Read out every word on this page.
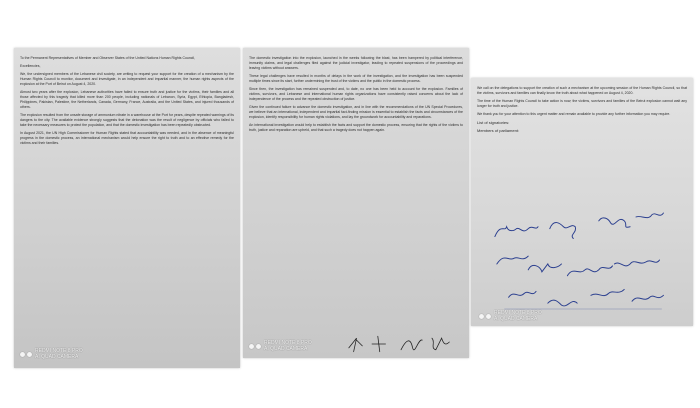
To the Permanent Representatives of Member and Observer States of the United Nations Human Rights Council,

Excellencies,

We, the undersigned members of the Lebanese civil society, are writing to request your support for the creation of a mechanism by the Human Rights Council to monitor, document and investigate, in an independent and impartial manner, the human rights aspects of the explosion at the Port of Beirut on August 4, 2020.

Almost two years after the explosion, Lebanese authorities have failed to ensure truth and justice for the victims, their families and all those affected by this tragedy that killed more than 200 people, including nationals of Lebanon, Syria, Egypt, Ethiopia, Bangladesh, Philippines, Pakistan, Palestine, the Netherlands, Canada, Germany, France, Australia, and the United States, and injured thousands of others.

The explosion resulted from the unsafe storage of ammonium nitrate in a warehouse at the Port for years, despite repeated warnings of its dangers to the city. The available evidence strongly suggests that the detonation was the result of negligence by officials who failed to take the necessary measures to protect the population, and that the domestic investigation has been repeatedly obstructed.

In August 2021, the UN High Commissioner for Human Rights stated that accountability was needed, and in the absence of meaningful progress in the domestic process, an international mechanism would help ensure the right to truth and to an effective remedy for the victims and their families.

REDMI NOTE 8 PRO
AI QUAD CAMERA

The domestic investigation into the explosion, launched in the weeks following the blast, has been hampered by political interference, immunity claims, and legal challenges filed against the judicial investigator, leading to repeated suspensions of the proceedings and leaving victims without answers.

These legal challenges have resulted in months of delays in the work of the investigation, and the investigation has been suspended multiple times since its start, further undermining the trust of the victims and the public in the domestic process.

Since then, the investigation has remained suspended and, to date, no one has been held to account for the explosion. Families of victims, survivors, and Lebanese and international human rights organizations have consistently raised concerns about the lack of independence of the process and the repeated obstruction of justice.

Given the continued failure to advance the domestic investigation, and in line with the recommendations of the UN Special Procedures, we believe that an international, independent and impartial fact-finding mission is essential to establish the facts and circumstances of the explosion, identify responsibility for human rights violations, and lay the groundwork for accountability and reparations.

An international investigation would help to establish the facts and support the domestic process, ensuring that the rights of the victims to truth, justice and reparation are upheld, and that such a tragedy does not happen again.

REDMI NOTE 8 PRO
AI QUAD CAMERA

We call on the delegations to support the creation of such a mechanism at the upcoming session of the Human Rights Council, so that the victims, survivors and families can finally know the truth about what happened on August 4, 2020.

The time of the Human Rights Council to take action is now; the victims, survivors and families of the Beirut explosion cannot wait any longer for truth and justice.

We thank you for your attention to this urgent matter and remain available to provide any further information you may require.

List of signatories:
Members of parliament:
REDMI NOTE 8 PRO
AI QUAD CAMERA
